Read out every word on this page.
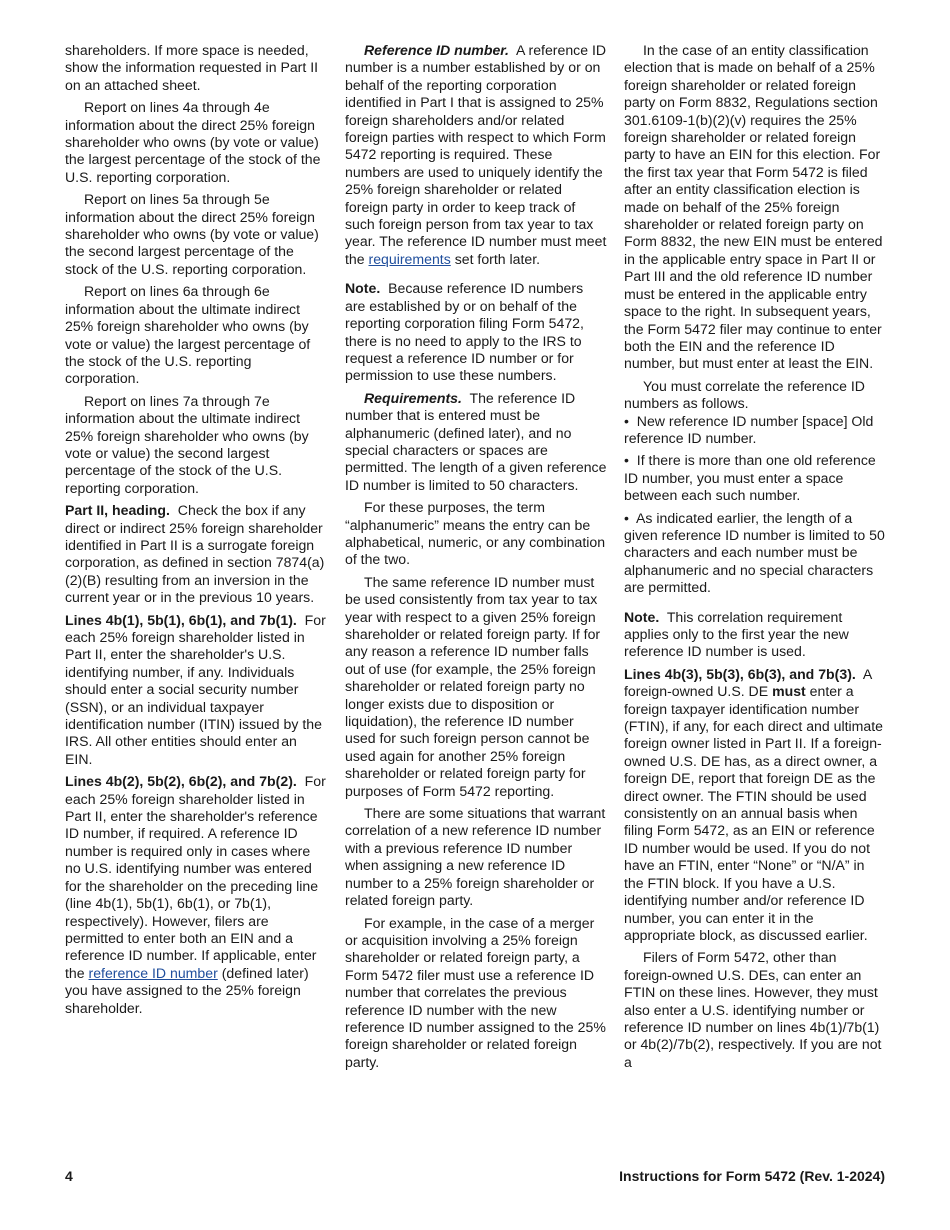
shareholders. If more space is needed, show the information requested in Part II on an attached sheet.

Report on lines 4a through 4e information about the direct 25% foreign shareholder who owns (by vote or value) the largest percentage of the stock of the U.S. reporting corporation.

Report on lines 5a through 5e information about the direct 25% foreign shareholder who owns (by vote or value) the second largest percentage of the stock of the U.S. reporting corporation.

Report on lines 6a through 6e information about the ultimate indirect 25% foreign shareholder who owns (by vote or value) the largest percentage of the stock of the U.S. reporting corporation.

Report on lines 7a through 7e information about the ultimate indirect 25% foreign shareholder who owns (by vote or value) the second largest percentage of the stock of the U.S. reporting corporation.

Part II, heading. Check the box if any direct or indirect 25% foreign shareholder identified in Part II is a surrogate foreign corporation, as defined in section 7874(a)(2)(B) resulting from an inversion in the current year or in the previous 10 years.

Lines 4b(1), 5b(1), 6b(1), and 7b(1). For each 25% foreign shareholder listed in Part II, enter the shareholder's U.S. identifying number, if any. Individuals should enter a social security number (SSN), or an individual taxpayer identification number (ITIN) issued by the IRS. All other entities should enter an EIN.

Lines 4b(2), 5b(2), 6b(2), and 7b(2). For each 25% foreign shareholder listed in Part II, enter the shareholder's reference ID number, if required. A reference ID number is required only in cases where no U.S. identifying number was entered for the shareholder on the preceding line (line 4b(1), 5b(1), 6b(1), or 7b(1), respectively). However, filers are permitted to enter both an EIN and a reference ID number. If applicable, enter the reference ID number (defined later) you have assigned to the 25% foreign shareholder.

Reference ID number. A reference ID number is a number established by or on behalf of the reporting corporation identified in Part I that is assigned to 25% foreign shareholders and/or related foreign parties with respect to which Form 5472 reporting is required. These numbers are used to uniquely identify the 25% foreign shareholder or related foreign party in order to keep track of such foreign person from tax year to tax year. The reference ID number must meet the requirements set forth later.

Note. Because reference ID numbers are established by or on behalf of the reporting corporation filing Form 5472, there is no need to apply to the IRS to request a reference ID number or for permission to use these numbers.

Requirements. The reference ID number that is entered must be alphanumeric (defined later), and no special characters or spaces are permitted. The length of a given reference ID number is limited to 50 characters.

For these purposes, the term “alphanumeric” means the entry can be alphabetical, numeric, or any combination of the two.

The same reference ID number must be used consistently from tax year to tax year with respect to a given 25% foreign shareholder or related foreign party. If for any reason a reference ID number falls out of use (for example, the 25% foreign shareholder or related foreign party no longer exists due to disposition or liquidation), the reference ID number used for such foreign person cannot be used again for another 25% foreign shareholder or related foreign party for purposes of Form 5472 reporting.

There are some situations that warrant correlation of a new reference ID number with a previous reference ID number when assigning a new reference ID number to a 25% foreign shareholder or related foreign party.

For example, in the case of a merger or acquisition involving a 25% foreign shareholder or related foreign party, a Form 5472 filer must use a reference ID number that correlates the previous reference ID number with the new reference ID number assigned to the 25% foreign shareholder or related foreign party.

In the case of an entity classification election that is made on behalf of a 25% foreign shareholder or related foreign party on Form 8832, Regulations section 301.6109-1(b)(2)(v) requires the 25% foreign shareholder or related foreign party to have an EIN for this election. For the first tax year that Form 5472 is filed after an entity classification election is made on behalf of the 25% foreign shareholder or related foreign party on Form 8832, the new EIN must be entered in the applicable entry space in Part II or Part III and the old reference ID number must be entered in the applicable entry space to the right. In subsequent years, the Form 5472 filer may continue to enter both the EIN and the reference ID number, but must enter at least the EIN.

You must correlate the reference ID numbers as follows.

• New reference ID number [space] Old reference ID number.

• If there is more than one old reference ID number, you must enter a space between each such number.

• As indicated earlier, the length of a given reference ID number is limited to 50 characters and each number must be alphanumeric and no special characters are permitted.

Note. This correlation requirement applies only to the first year the new reference ID number is used.

Lines 4b(3), 5b(3), 6b(3), and 7b(3). A foreign-owned U.S. DE must enter a foreign taxpayer identification number (FTIN), if any, for each direct and ultimate foreign owner listed in Part II. If a foreign-owned U.S. DE has, as a direct owner, a foreign DE, report that foreign DE as the direct owner. The FTIN should be used consistently on an annual basis when filing Form 5472, as an EIN or reference ID number would be used. If you do not have an FTIN, enter “None” or “N/A” in the FTIN block. If you have a U.S. identifying number and/or reference ID number, you can enter it in the appropriate block, as discussed earlier.

Filers of Form 5472, other than foreign-owned U.S. DEs, can enter an FTIN on these lines. However, they must also enter a U.S. identifying number or reference ID number on lines 4b(1)/7b(1) or 4b(2)/7b(2), respectively. If you are not a

4	Instructions for Form 5472 (Rev. 1-2024)
